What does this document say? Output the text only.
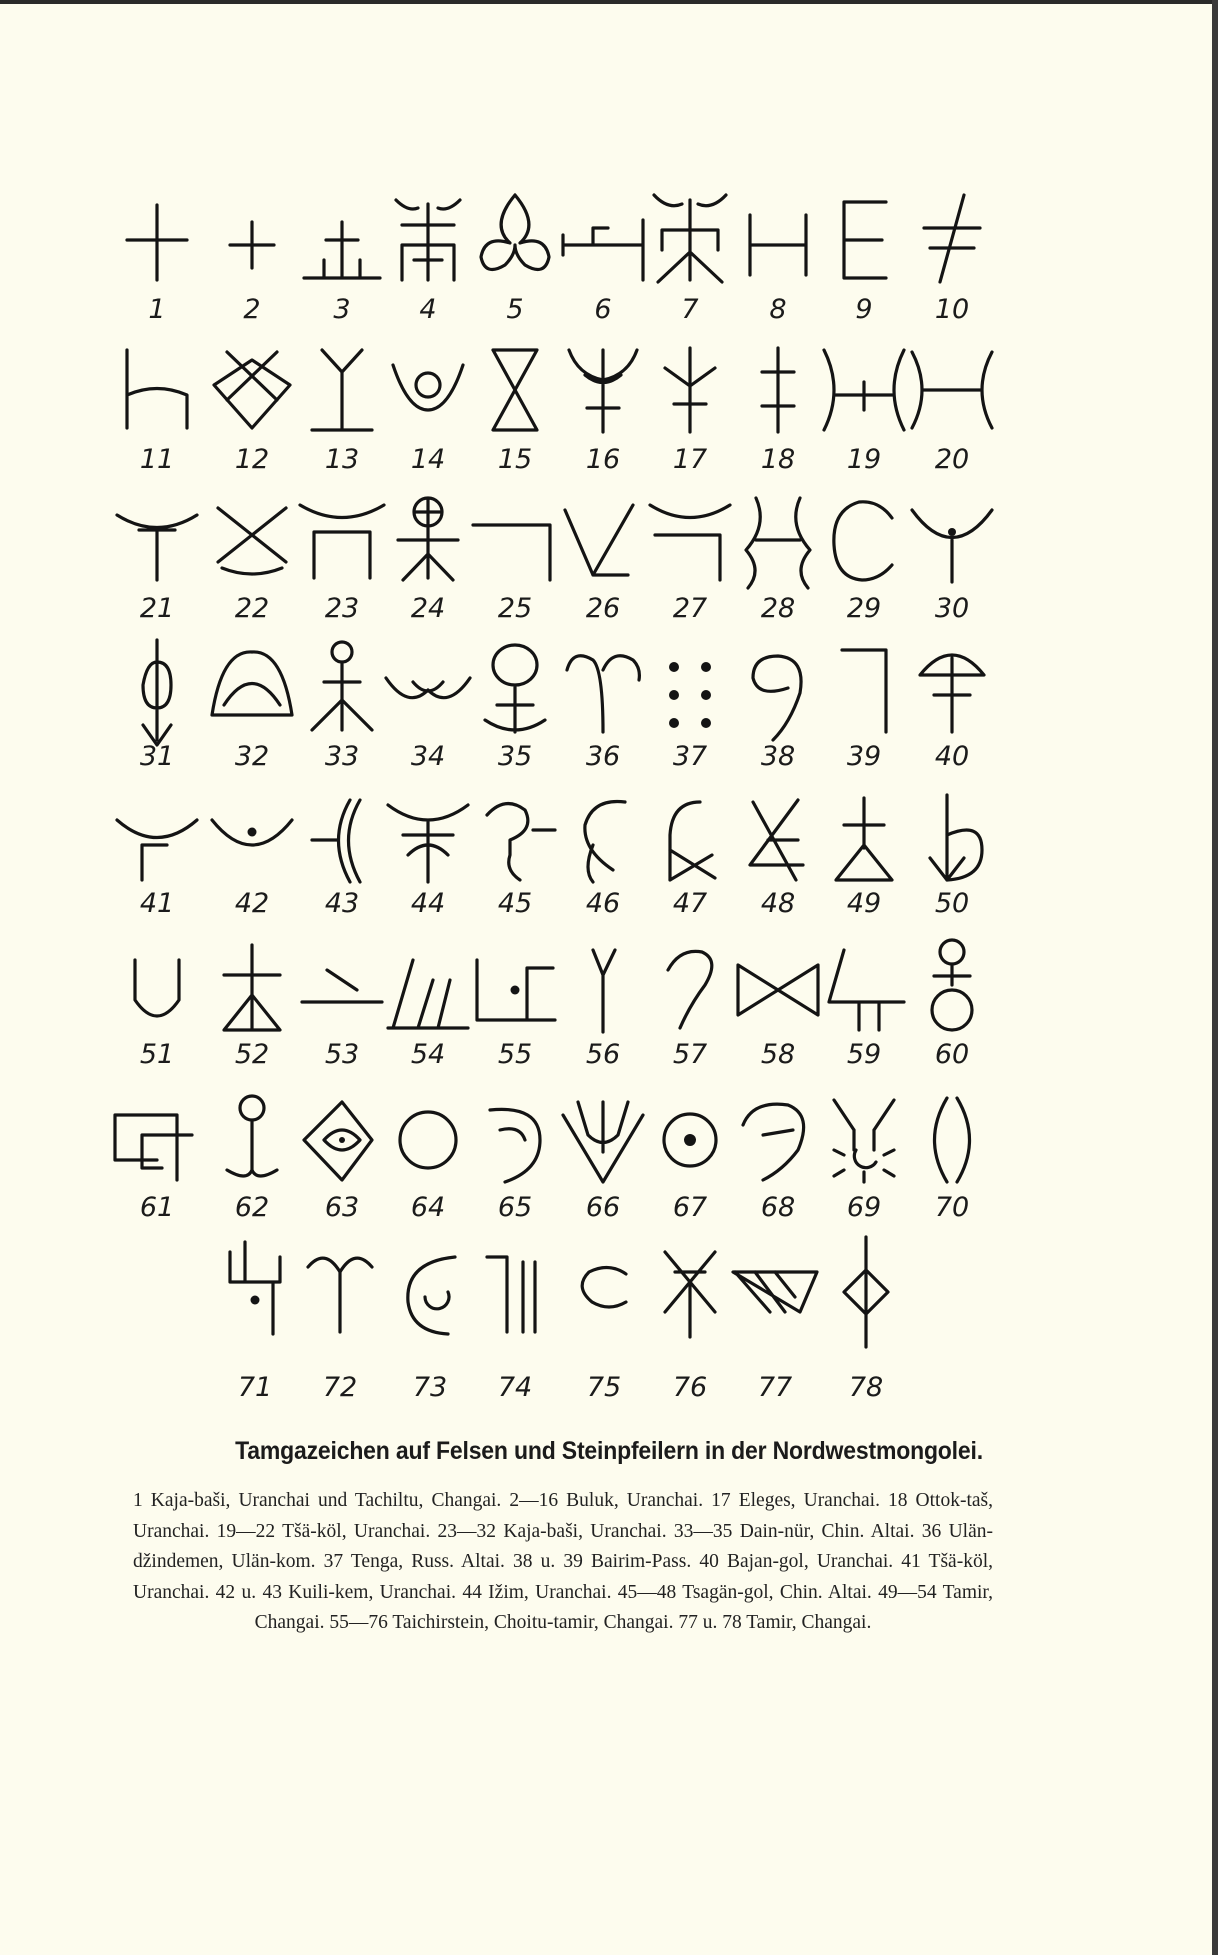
1	2	3	4	5	6	7	8	9 10
11 12 13 14 15 16 17 18 19 20
21 22 23 24 25 26 27 28 29 30
31 32 33 34 35 36 37 38 39 40
41 42 43 44 45 46 47 48 49 50
51 52 53 54 55 56 57 58 59 60
61 62 63 64 65 66 67 68 69 70
71 72 73 74 75 76 77 78
Tamgazeichen auf Felsen und Steinpfeilern in der Nordwestmongolei.
1 Kaja-baši, Uranchai und Tachiltu, Changai. 2—16 Buluk, Uranchai. 17 Eleges, Uranchai. 18 Ottok-taš, Uranchai. 19—22 Tšä-köl, Uranchai. 23—32 Kaja-baši, Uranchai. 33—35 Dain-nür, Chin. Altai. 36 Ulän-džindemen, Ulän-kom. 37 Tenga, Russ. Altai. 38 u. 39 Bairim-Pass. 40 Bajan-gol, Uranchai. 41 Tšä-köl, Uranchai. 42 u. 43 Kuili-kem, Uranchai. 44 Ižim, Uranchai. 45—48 Tsagän-gol, Chin. Altai. 49—54 Tamir, Changai. 55—76 Taichirstein, Choitu-tamir, Changai. 77 u. 78 Tamir, Changai.
